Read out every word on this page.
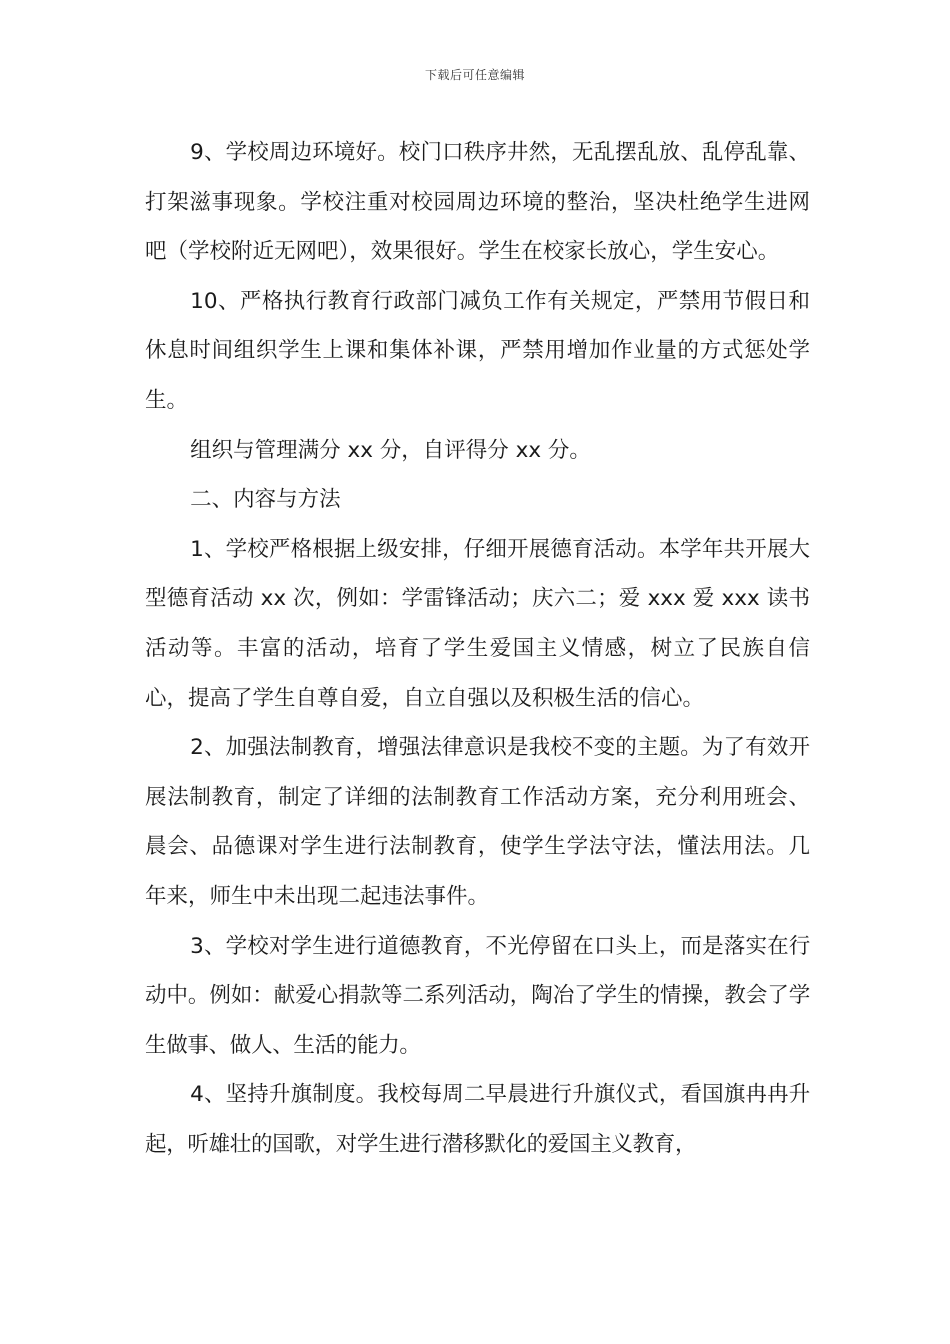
下载后可任意编辑

9、学校周边环境好。校门口秩序井然，无乱摆乱放、乱停乱靠、打架滋事现象。学校注重对校园周边环境的整治，坚决杜绝学生进网吧（学校附近无网吧），效果很好。学生在校家长放心，学生安心。

10、严格执行教育行政部门减负工作有关规定，严禁用节假日和休息时间组织学生上课和集体补课，严禁用增加作业量的方式惩处学生。

组织与管理满分 xx 分，自评得分 xx 分。

二、内容与方法

1、学校严格根据上级安排，仔细开展德育活动。本学年共开展大型德育活动 xx 次，例如：学雷锋活动；庆六二；爱 xxx 爱 xxx 读书活动等。丰富的活动，培育了学生爱国主义情感，树立了民族自信心，提高了学生自尊自爱，自立自强以及积极生活的信心。

2、加强法制教育，增强法律意识是我校不变的主题。为了有效开展法制教育，制定了详细的法制教育工作活动方案，充分利用班会、晨会、品德课对学生进行法制教育，使学生学法守法，懂法用法。几年来，师生中未出现二起违法事件。

3、学校对学生进行道德教育，不光停留在口头上，而是落实在行动中。例如：献爱心捐款等二系列活动，陶冶了学生的情操，教会了学生做事、做人、生活的能力。

4、坚持升旗制度。我校每周二早晨进行升旗仪式，看国旗冉冉升起，听雄壮的国歌，对学生进行潜移默化的爱国主义教育，
